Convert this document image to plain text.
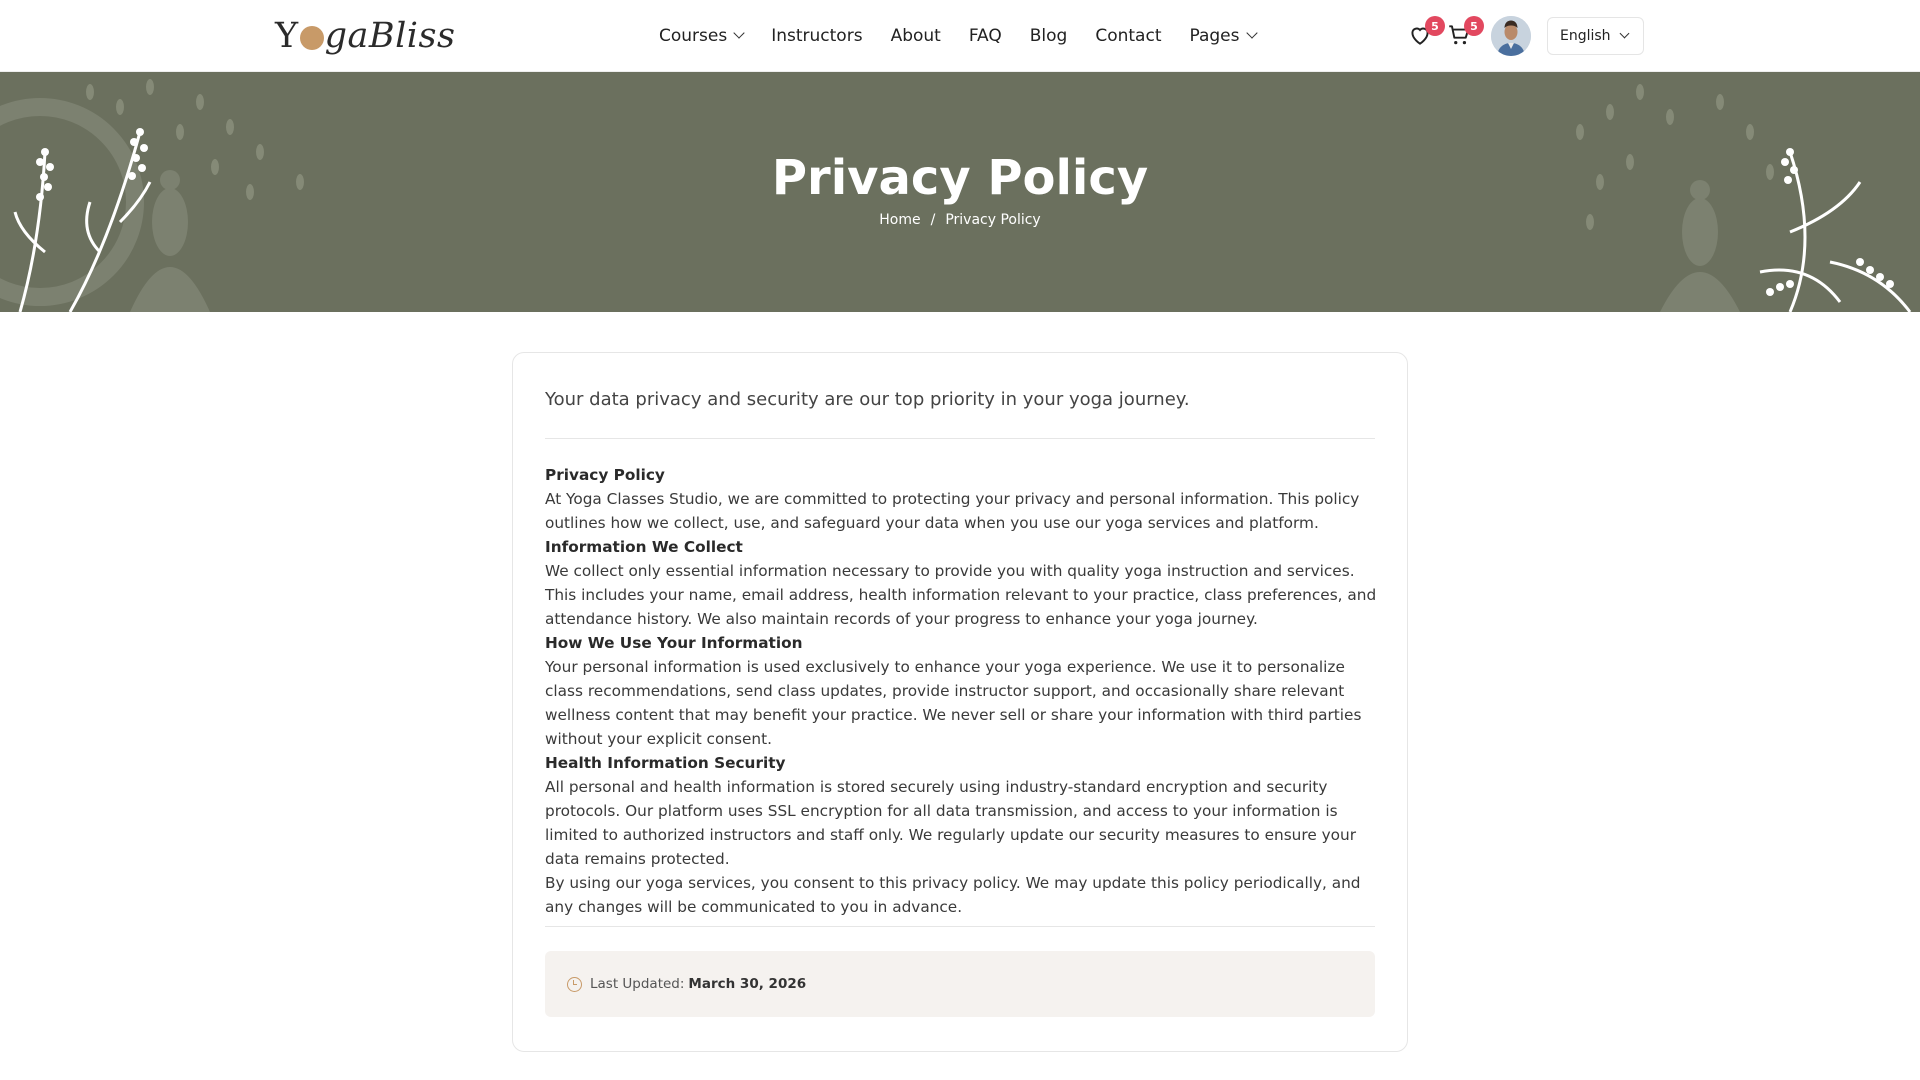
Y gaBliss	Courses	Instructors About FAQ Blog Contact Pages	5	5
English
Privacy Policy
Home / Privacy Policy

Your data privacy and security are our top priority in your yoga journey.

Privacy Policy

At Yoga Classes Studio, we are committed to protecting your privacy and personal information. This policy outlines how we collect, use, and safeguard your data when you use our yoga services and platform.

Information We Collect

We collect only essential information necessary to provide you with quality yoga instruction and services. This includes your name, email address, health information relevant to your practice, class preferences, and attendance history. We also maintain records of your progress to enhance your yoga journey.

How We Use Your Information

Your personal information is used exclusively to enhance your yoga experience. We use it to personalize class recommendations, send class updates, provide instructor support, and occasionally share relevant wellness content that may benefit your practice. We never sell or share your information with third parties without your explicit consent.

Health Information Security

All personal and health information is stored securely using industry-standard encryption and security protocols. Our platform uses SSL encryption for all data transmission, and access to your information is limited to authorized instructors and staff only. We regularly update our security measures to ensure your data remains protected.

By using our yoga services, you consent to this privacy policy. We may update this policy periodically, and any changes will be communicated to you in advance.

Last Updated: March 30, 2026
